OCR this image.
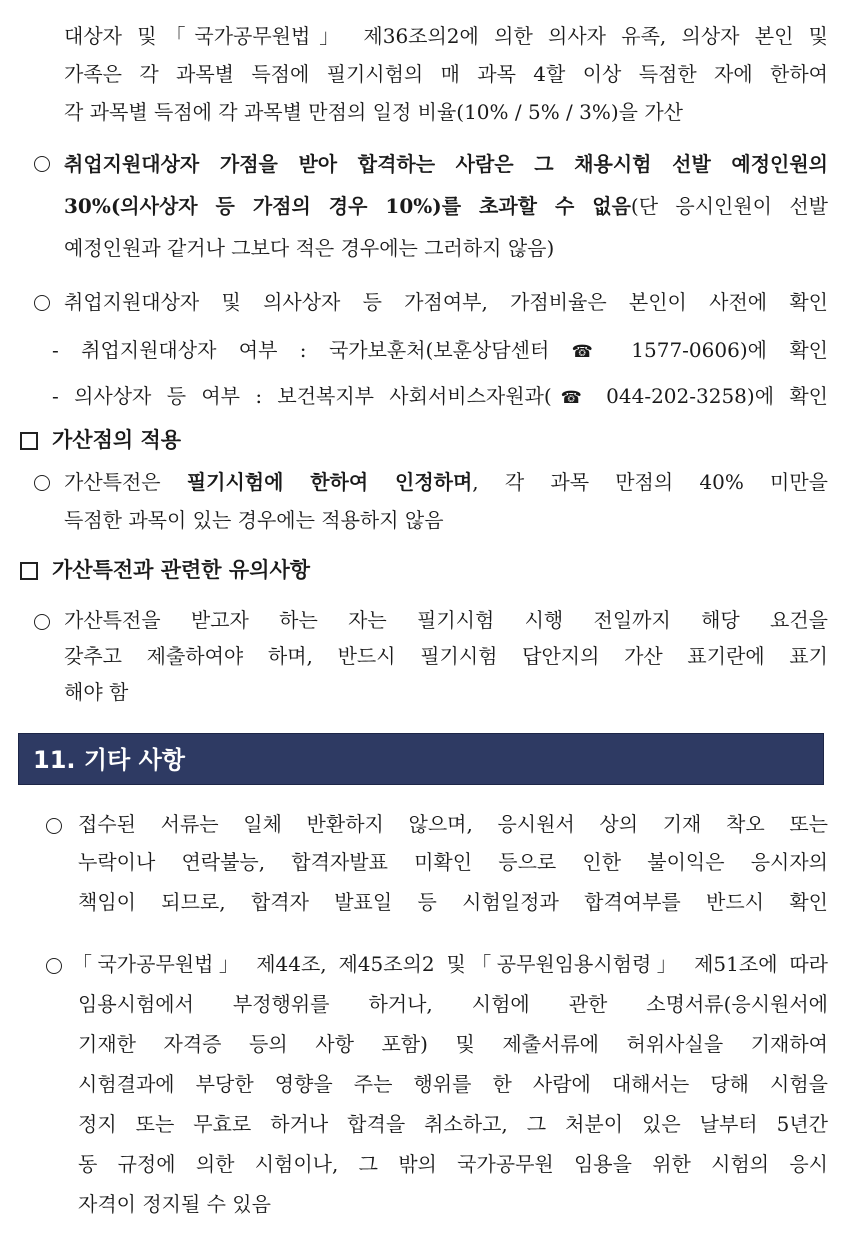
대상자 및「국가공무원법」 제36조의2에 의한 의사자 유족, 의상자 본인 및
가족은 각 과목별 득점에 필기시험의 매 과목 4할 이상 득점한 자에 한하여
각 과목별 득점에 각 과목별 만점의 일정 비율(10% / 5% / 3%)을 가산
취업지원대상자 가점을 받아 합격하는 사람은 그 채용시험 선발 예정인원의
30%(의사상자 등 가점의 경우 10%)를 초과할 수 없음(단 응시인원이 선발
예정인원과 같거나 그보다 적은 경우에는 그러하지 않음)
취업지원대상자 및 의사상자 등 가점여부, 가점비율은 본인이 사전에 확인
- 취업지원대상자 여부 : 국가보훈처(보훈상담센터 ☎ 1577-0606)에 확인
- 의사상자 등 여부 : 보건복지부 사회서비스자원과(☎ 044-202-3258)에 확인
가산점의 적용
가산특전은 필기시험에 한하여 인정하며, 각 과목 만점의 40% 미만을
득점한 과목이 있는 경우에는 적용하지 않음
가산특전과 관련한 유의사항
가산특전을 받고자 하는 자는 필기시험 시행 전일까지 해당 요건을
갖추고 제출하여야 하며, 반드시 필기시험 답안지의 가산 표기란에 표기
해야 함
11. 기타 사항
접수된 서류는 일체 반환하지 않으며, 응시원서 상의 기재 착오 또는
누락이나 연락불능, 합격자발표 미확인 등으로 인한 불이익은 응시자의
책임이 되므로, 합격자 발표일 등 시험일정과 합격여부를 반드시 확인
「국가공무원법」 제44조, 제45조의2 및「공무원임용시험령」 제51조에 따라
임용시험에서 부정행위를 하거나, 시험에 관한 소명서류(응시원서에
기재한 자격증 등의 사항 포함) 및 제출서류에 허위사실을 기재하여
시험결과에 부당한 영향을 주는 행위를 한 사람에 대해서는 당해 시험을
정지 또는 무효로 하거나 합격을 취소하고, 그 처분이 있은 날부터 5년간
동 규정에 의한 시험이나, 그 밖의 국가공무원 임용을 위한 시험의 응시
자격이 정지될 수 있음
